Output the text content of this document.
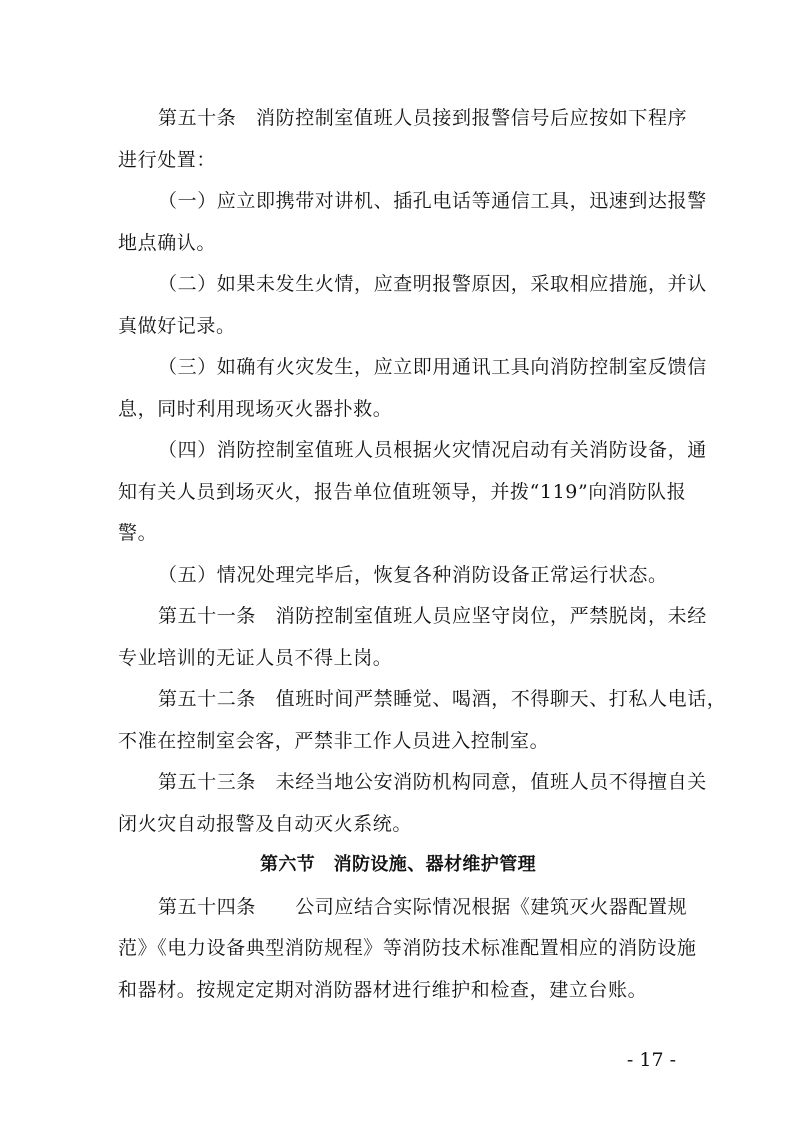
第五十条　消防控制室值班人员接到报警信号后应按如下程序
进行处置：
（一）应立即携带对讲机、插孔电话等通信工具，迅速到达报警
地点确认。
（二）如果未发生火情，应查明报警原因，采取相应措施，并认
真做好记录。
（三）如确有火灾发生，应立即用通讯工具向消防控制室反馈信
息，同时利用现场灭火器扑救。
（四）消防控制室值班人员根据火灾情况启动有关消防设备，通
知有关人员到场灭火，报告单位值班领导，并拨“119”向消防队报
警。
（五）情况处理完毕后，恢复各种消防设备正常运行状态。
第五十一条　消防控制室值班人员应坚守岗位，严禁脱岗，未经
专业培训的无证人员不得上岗。
第五十二条　值班时间严禁睡觉、喝酒，不得聊天、打私人电话，
不准在控制室会客，严禁非工作人员进入控制室。
第五十三条　未经当地公安消防机构同意，值班人员不得擅自关
闭火灾自动报警及自动灭火系统。
第六节　消防设施、器材维护管理
第五十四条　　公司应结合实际情况根据《建筑灭火器配置规
范》《电力设备典型消防规程》等消防技术标准配置相应的消防设施
和器材。按规定定期对消防器材进行维护和检查，建立台账。
- 17 -
